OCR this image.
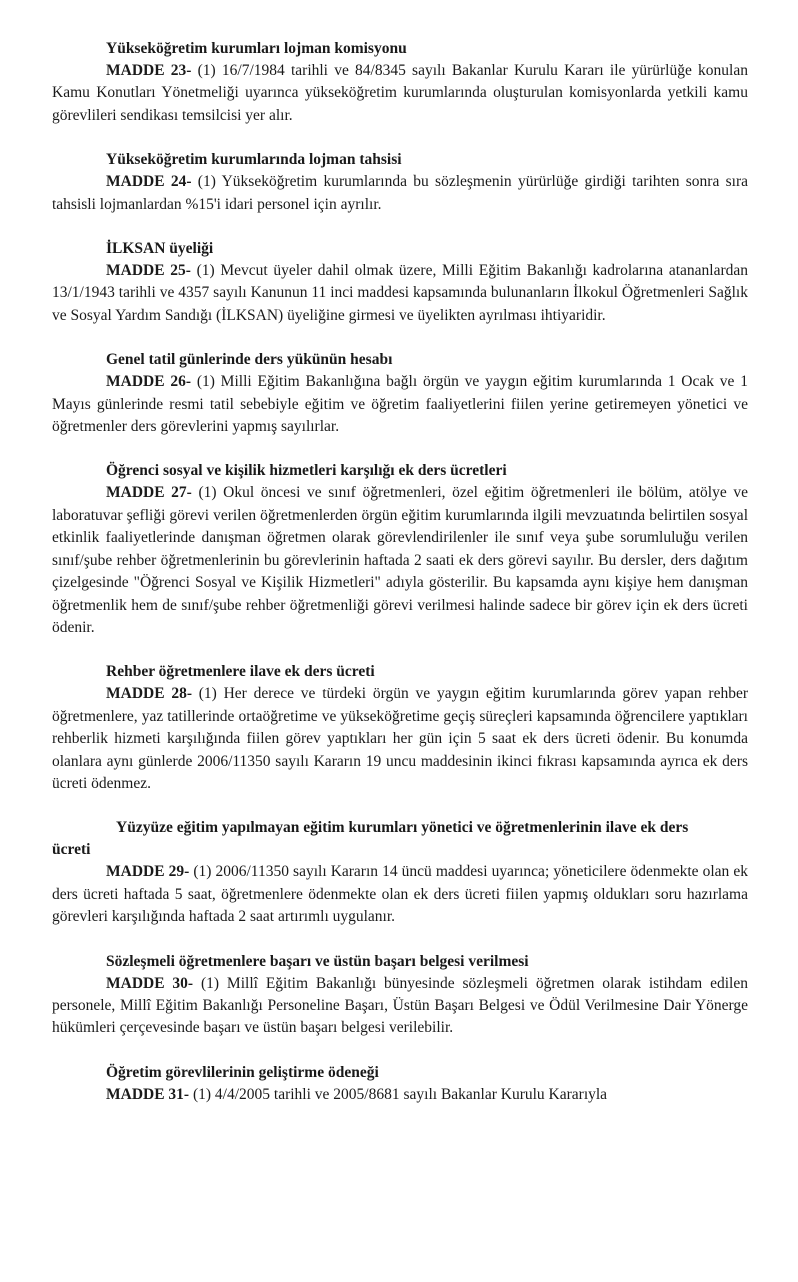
Yükseköğretim kurumları lojman komisyonu

MADDE 23- (1) 16/7/1984 tarihli ve 84/8345 sayılı Bakanlar Kurulu Kararı ile yürürlüğe konulan Kamu Konutları Yönetmeliği uyarınca yükseköğretim kurumlarında oluşturulan komisyonlarda yetkili kamu görevlileri sendikası temsilcisi yer alır.

Yükseköğretim kurumlarında lojman tahsisi

MADDE 24- (1) Yükseköğretim kurumlarında bu sözleşmenin yürürlüğe girdiği tarihten sonra sıra tahsisli lojmanlardan %15'i idari personel için ayrılır.

İLKSAN üyeliği

MADDE 25- (1) Mevcut üyeler dahil olmak üzere, Milli Eğitim Bakanlığı kadrolarına atananlardan 13/1/1943 tarihli ve 4357 sayılı Kanunun 11 inci maddesi kapsamında bulunanların İlkokul Öğretmenleri Sağlık ve Sosyal Yardım Sandığı (İLKSAN) üyeliğine girmesi ve üyelikten ayrılması ihtiyaridir.

Genel tatil günlerinde ders yükünün hesabı

MADDE 26- (1) Milli Eğitim Bakanlığına bağlı örgün ve yaygın eğitim kurumlarında 1 Ocak ve 1 Mayıs günlerinde resmi tatil sebebiyle eğitim ve öğretim faaliyetlerini fiilen yerine getiremeyen yönetici ve öğretmenler ders görevlerini yapmış sayılırlar.

Öğrenci sosyal ve kişilik hizmetleri karşılığı ek ders ücretleri

MADDE 27- (1) Okul öncesi ve sınıf öğretmenleri, özel eğitim öğretmenleri ile bölüm, atölye ve laboratuvar şefliği görevi verilen öğretmenlerden örgün eğitim kurumlarında ilgili mevzuatında belirtilen sosyal etkinlik faaliyetlerinde danışman öğretmen olarak görevlendirilenler ile sınıf veya şube sorumluluğu verilen sınıf/şube rehber öğretmenlerinin bu görevlerinin haftada 2 saati ek ders görevi sayılır. Bu dersler, ders dağıtım çizelgesinde "Öğrenci Sosyal ve Kişilik Hizmetleri" adıyla gösterilir. Bu kapsamda aynı kişiye hem danışman öğretmenlik hem de sınıf/şube rehber öğretmenliği görevi verilmesi halinde sadece bir görev için ek ders ücreti ödenir.

Rehber öğretmenlere ilave ek ders ücreti

MADDE 28- (1) Her derece ve türdeki örgün ve yaygın eğitim kurumlarında görev yapan rehber öğretmenlere, yaz tatillerinde ortaöğretime ve yükseköğretime geçiş süreçleri kapsamında öğrencilere yaptıkları rehberlik hizmeti karşılığında fiilen görev yaptıkları her gün için 5 saat ek ders ücreti ödenir. Bu konumda olanlara aynı günlerde 2006/11350 sayılı Kararın 19 uncu maddesinin ikinci fıkrası kapsamında ayrıca ek ders ücreti ödenmez.

Yüzyüze eğitim yapılmayan eğitim kurumları yönetici ve öğretmenlerinin ilave ek ders

ücreti

MADDE 29- (1) 2006/11350 sayılı Kararın 14 üncü maddesi uyarınca; yöneticilere ödenmekte olan ek ders ücreti haftada 5 saat, öğretmenlere ödenmekte olan ek ders ücreti fiilen yapmış oldukları soru hazırlama görevleri karşılığında haftada 2 saat artırımlı uygulanır.

Sözleşmeli öğretmenlere başarı ve üstün başarı belgesi verilmesi

MADDE 30- (1) Millî Eğitim Bakanlığı bünyesinde sözleşmeli öğretmen olarak istihdam edilen personele, Millî Eğitim Bakanlığı Personeline Başarı, Üstün Başarı Belgesi ve Ödül Verilmesine Dair Yönerge hükümleri çerçevesinde başarı ve üstün başarı belgesi verilebilir.

Öğretim görevlilerinin geliştirme ödeneği

MADDE 31- (1) 4/4/2005 tarihli ve 2005/8681 sayılı Bakanlar Kurulu Kararıyla
